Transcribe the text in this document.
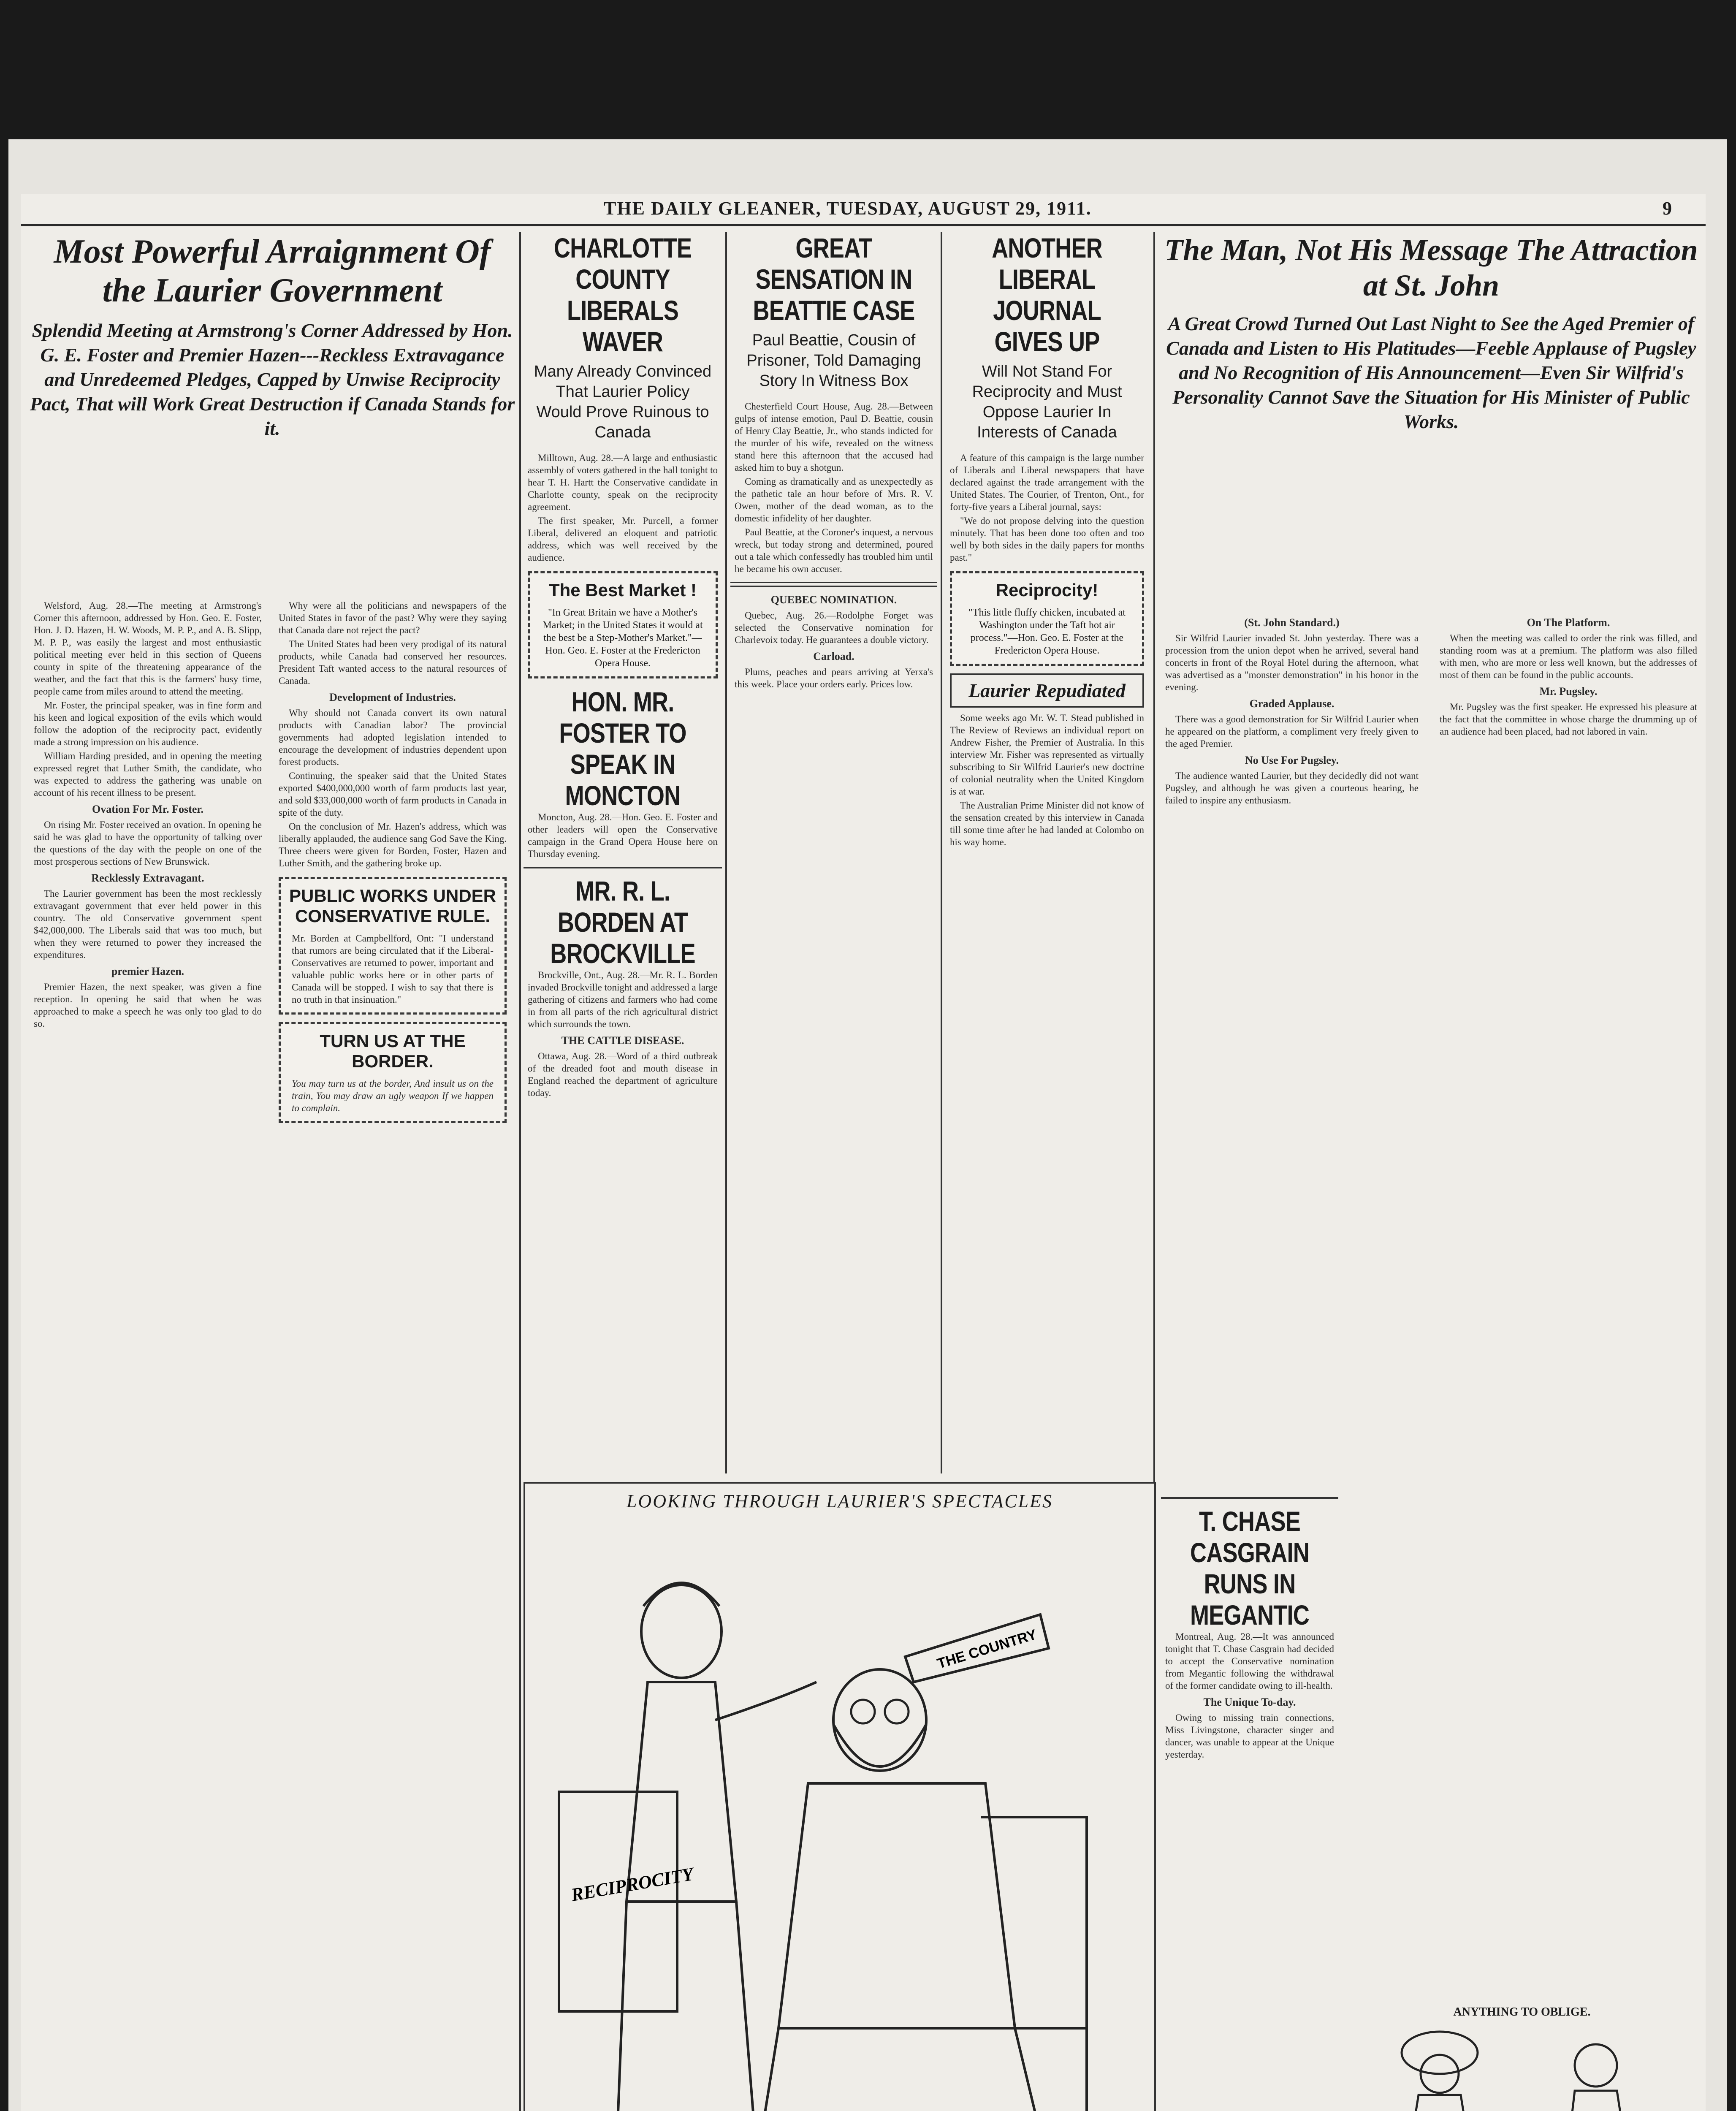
THE DAILY GLEANER, TUESDAY, AUGUST 29, 1911.	9
Most Powerful Arraignment Of the Laurier Government
Splendid Meeting at Armstrong's Corner Addressed by Hon. G. E. Foster and Premier Hazen---Reckless Extravagance and Unredeemed Pledges, Capped by Unwise Reciprocity Pact, That will Work Great Destruction if Canada Stands for it.

Welsford, Aug. 28.—The meeting at Armstrong's Corner this afternoon, addressed by Hon. Geo. E. Foster, Hon. J. D. Hazen, H. W. Woods, M. P. P., and A. B. Slipp, M. P. P., was easily the largest and most enthusiastic political meeting ever held in this section of Queens county in spite of the threatening appearance of the weather, and the fact that this is the farmers' busy time, people came from miles around to attend the meeting.

Mr. Foster, the principal speaker, was in fine form and his keen and logical exposition of the evils which would follow the adoption of the reciprocity pact, evidently made a strong impression on his audience.

William Harding presided, and in opening the meeting expressed regret that Luther Smith, the candidate, who was expected to address the gathering was unable on account of his recent illness to be present.

Ovation For Mr. Foster.

On rising Mr. Foster received an ovation. In opening he said he was glad to have the opportunity of talking over the questions of the day with the people on one of the most prosperous sections of New Brunswick.

Recklessly Extravagant.

The Laurier government has been the most recklessly extravagant government that ever held power in this country. The old Conservative government spent $42,000,000. The Liberals said that was too much, but when they were returned to power they increased the expenditures.

premier Hazen.

Premier Hazen, the next speaker, was given a fine reception. In opening he said that when he was approached to make a speech he was only too glad to do so.

Why were all the politicians and newspapers of the United States in favor of the past? Why were they saying that Canada dare not reject the pact?

The United States had been very prodigal of its natural products, while Canada had conserved her resources. President Taft wanted access to the natural resources of Canada.

Development of Industries.

Why should not Canada convert its own natural products with Canadian labor? The provincial governments had adopted legislation intended to encourage the development of industries dependent upon forest products.

Continuing, the speaker said that the United States exported $400,000,000 worth of farm products last year, and sold $33,000,000 worth of farm products in Canada in spite of the duty.

On the conclusion of Mr. Hazen's address, which was liberally applauded, the audience sang God Save the King. Three cheers were given for Borden, Foster, Hazen and Luther Smith, and the gathering broke up.

PUBLIC WORKS UNDER CONSERVATIVE RULE.
Mr. Borden at Campbellford, Ont: "I understand that rumors are being circulated that if the Liberal-Conservatives are returned to power, important and valuable public works here or in other parts of Canada will be stopped. I wish to say that there is no truth in that insinuation."
TURN US AT THE BORDER.
You may turn us at the border, And insult us on the train, You may draw an ugly weapon If we happen to complain.
CHARLOTTE COUNTY LIBERALS WAVER
Many Already Convinced That Laurier Policy Would Prove Ruinous to Canada

Milltown, Aug. 28.—A large and enthusiastic assembly of voters gathered in the hall tonight to hear T. H. Hartt the Conservative candidate in Charlotte county, speak on the reciprocity agreement.

The first speaker, Mr. Purcell, a former Liberal, delivered an eloquent and patriotic address, which was well received by the audience.

The Best Market !
"In Great Britain we have a Mother's Market; in the United States it would at the best be a Step-Mother's Market."—Hon. Geo. E. Foster at the Fredericton Opera House.
HON. MR. FOSTER TO SPEAK IN MONCTON

Moncton, Aug. 28.—Hon. Geo. E. Foster and other leaders will open the Conservative campaign in the Grand Opera House here on Thursday evening.

MR. R. L. BORDEN AT BROCKVILLE

Brockville, Ont., Aug. 28.—Mr. R. L. Borden invaded Brockville tonight and addressed a large gathering of citizens and farmers who had come in from all parts of the rich agricultural district which surrounds the town.

THE CATTLE DISEASE.

Ottawa, Aug. 28.—Word of a third outbreak of the dreaded foot and mouth disease in England reached the department of agriculture today.

GREAT SENSATION IN BEATTIE CASE
Paul Beattie, Cousin of Prisoner, Told Damaging Story In Witness Box

Chesterfield Court House, Aug. 28.—Between gulps of intense emotion, Paul D. Beattie, cousin of Henry Clay Beattie, Jr., who stands indicted for the murder of his wife, revealed on the witness stand here this afternoon that the accused had asked him to buy a shotgun.

Coming as dramatically and as unexpectedly as the pathetic tale an hour before of Mrs. R. V. Owen, mother of the dead woman, as to the domestic infidelity of her daughter.

Paul Beattie, at the Coroner's inquest, a nervous wreck, but today strong and determined, poured out a tale which confessedly has troubled him until he became his own accuser.

QUEBEC NOMINATION.

Quebec, Aug. 26.—Rodolphe Forget was selected the Conservative nomination for Charlevoix today. He guarantees a double victory.

Carload.

Plums, peaches and pears arriving at Yerxa's this week. Place your orders early. Prices low.

ANOTHER LIBERAL JOURNAL GIVES UP
Will Not Stand For Reciprocity and Must Oppose Laurier In Interests of Canada

A feature of this campaign is the large number of Liberals and Liberal newspapers that have declared against the trade arrangement with the United States. The Courier, of Trenton, Ont., for forty-five years a Liberal journal, says:

"We do not propose delving into the question minutely. That has been done too often and too well by both sides in the daily papers for months past."

Reciprocity!
"This little fluffy chicken, incubated at Washington under the Taft hot air process."—Hon. Geo. E. Foster at the Fredericton Opera House.
Laurier Repudiated

Some weeks ago Mr. W. T. Stead published in The Review of Reviews an individual report on Andrew Fisher, the Premier of Australia. In this interview Mr. Fisher was represented as virtually subscribing to Sir Wilfrid Laurier's new doctrine of colonial neutrality when the United Kingdom is at war.

The Australian Prime Minister did not know of the sensation created by this interview in Canada till some time after he had landed at Colombo on his way home.

The Man, Not His Message The Attraction at St. John
A Great Crowd Turned Out Last Night to See the Aged Premier of Canada and Listen to His Platitudes—Feeble Applause of Pugsley and No Recognition of His Announcement—Even Sir Wilfrid's Personality Cannot Save the Situation for His Minister of Public Works.
(St. John Standard.)

Sir Wilfrid Laurier invaded St. John yesterday. There was a procession from the union depot when he arrived, several hand concerts in front of the Royal Hotel during the afternoon, what was advertised as a "monster demonstration" in his honor in the evening.

Graded Applause.

There was a good demonstration for Sir Wilfrid Laurier when he appeared on the platform, a compliment very freely given to the aged Premier.

No Use For Pugsley.

The audience wanted Laurier, but they decidedly did not want Pugsley, and although he was given a courteous hearing, he failed to inspire any enthusiasm.

On The Platform.

When the meeting was called to order the rink was filled, and standing room was at a premium. The platform was also filled with men, who are more or less well known, but the addresses of most of them can be found in the public accounts.

Mr. Pugsley.

Mr. Pugsley was the first speaker. He expressed his pleasure at the fact that the committee in whose charge the drumming up of an audience had been placed, had not labored in vain.

T. CHASE CASGRAIN RUNS IN MEGANTIC

Montreal, Aug. 28.—It was announced tonight that T. Chase Casgrain had decided to accept the Conservative nomination from Megantic following the withdrawal of the former candidate owing to ill-health.

The Unique To-day.

Owing to missing train connections, Miss Livingstone, character singer and dancer, was unable to appear at the Unique yesterday.

LOOKING THROUGH LAURIER'S SPECTACLES
RECIPROCITY
THE COUNTRY
ANYTHING TO OBLIGE.
